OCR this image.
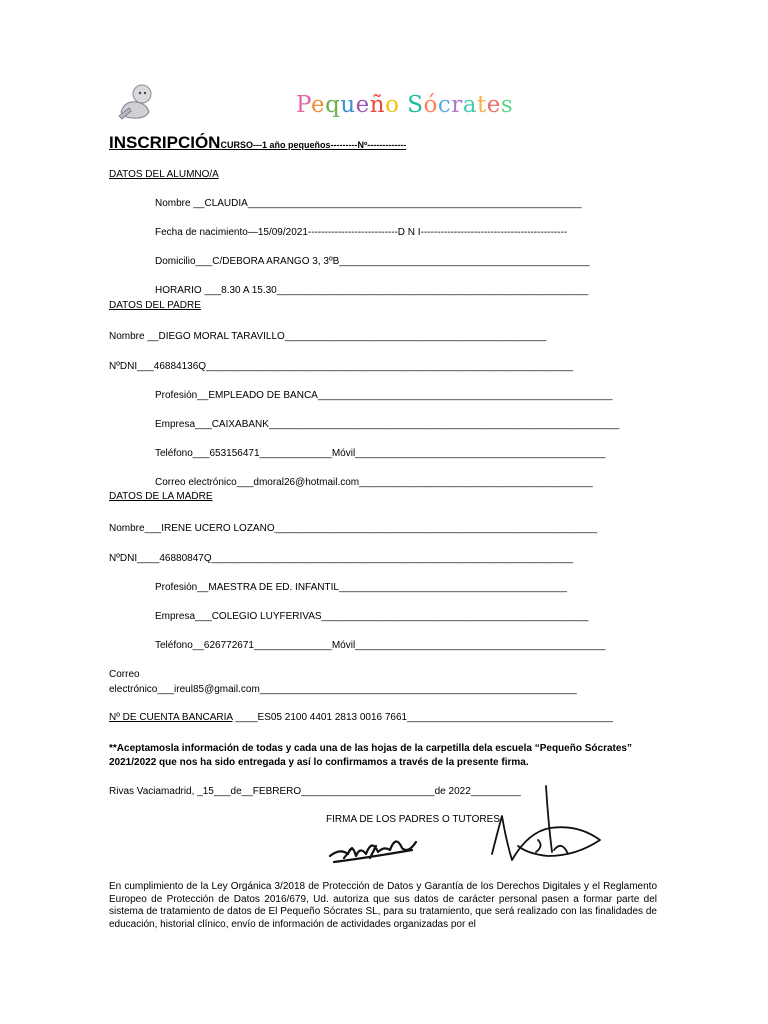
Pequeño Sócrates
INSCRIPCIÓNCURSO---1 año pequeños---------Nº-------------
DATOS DEL ALUMNO/A
Nombre __CLAUDIA____________________________________________________________
Fecha de nacimiento—15/09/2021---------------------------D N I--------------------------------------------
Domicilio___C/DEBORA ARANGO 3, 3ºB_____________________________________________
HORARIO ___8.30 A 15.30________________________________________________________
DATOS DEL PADRE
Nombre __DIEGO MORAL TARAVILLO_______________________________________________
NºDNI___46884136Q__________________________________________________________________
Profesión__EMPLEADO DE BANCA_____________________________________________________
Empresa___CAIXABANK_______________________________________________________________
Teléfono___653156471_____________Móvil_____________________________________________
Correo electrónico___dmoral26@hotmail.com__________________________________________
DATOS DE LA MADRE
Nombre___IRENE UCERO LOZANO__________________________________________________________
NºDNI____46880847Q_________________________________________________________________
Profesión__MAESTRA DE ED. INFANTIL_________________________________________
Empresa___COLEGIO LUYFERIVAS________________________________________________
Teléfono__626772671______________Móvil_____________________________________________
Correo
electrónico___ireul85@gmail.com_________________________________________________________
Nº DE CUENTA BANCARIA ____ES05 2100 4401 2813 0016 7661_____________________________________
**Aceptamosla información de todas y cada una de las hojas de la carpetilla dela escuela “Pequeño Sócrates” 2021/2022 que nos ha sido entregada y así lo confirmamos a través de la presente firma.
Rivas Vaciamadrid, _15___de__FEBRERO________________________de 2022_________
FIRMA DE LOS PADRES O TUTORES
En cumplimiento de la Ley Orgánica 3/2018 de Protección de Datos y Garantía de los Derechos Digitales y el Reglamento Europeo de Protección de Datos 2016/679, Ud. autoriza que sus datos de carácter personal pasen a formar parte del sistema de tratamiento de datos de El Pequeño Sócrates SL, para su tratamiento, que será realizado con las finalidades de educación, historial clínico, envío de información de actividades organizadas por el
